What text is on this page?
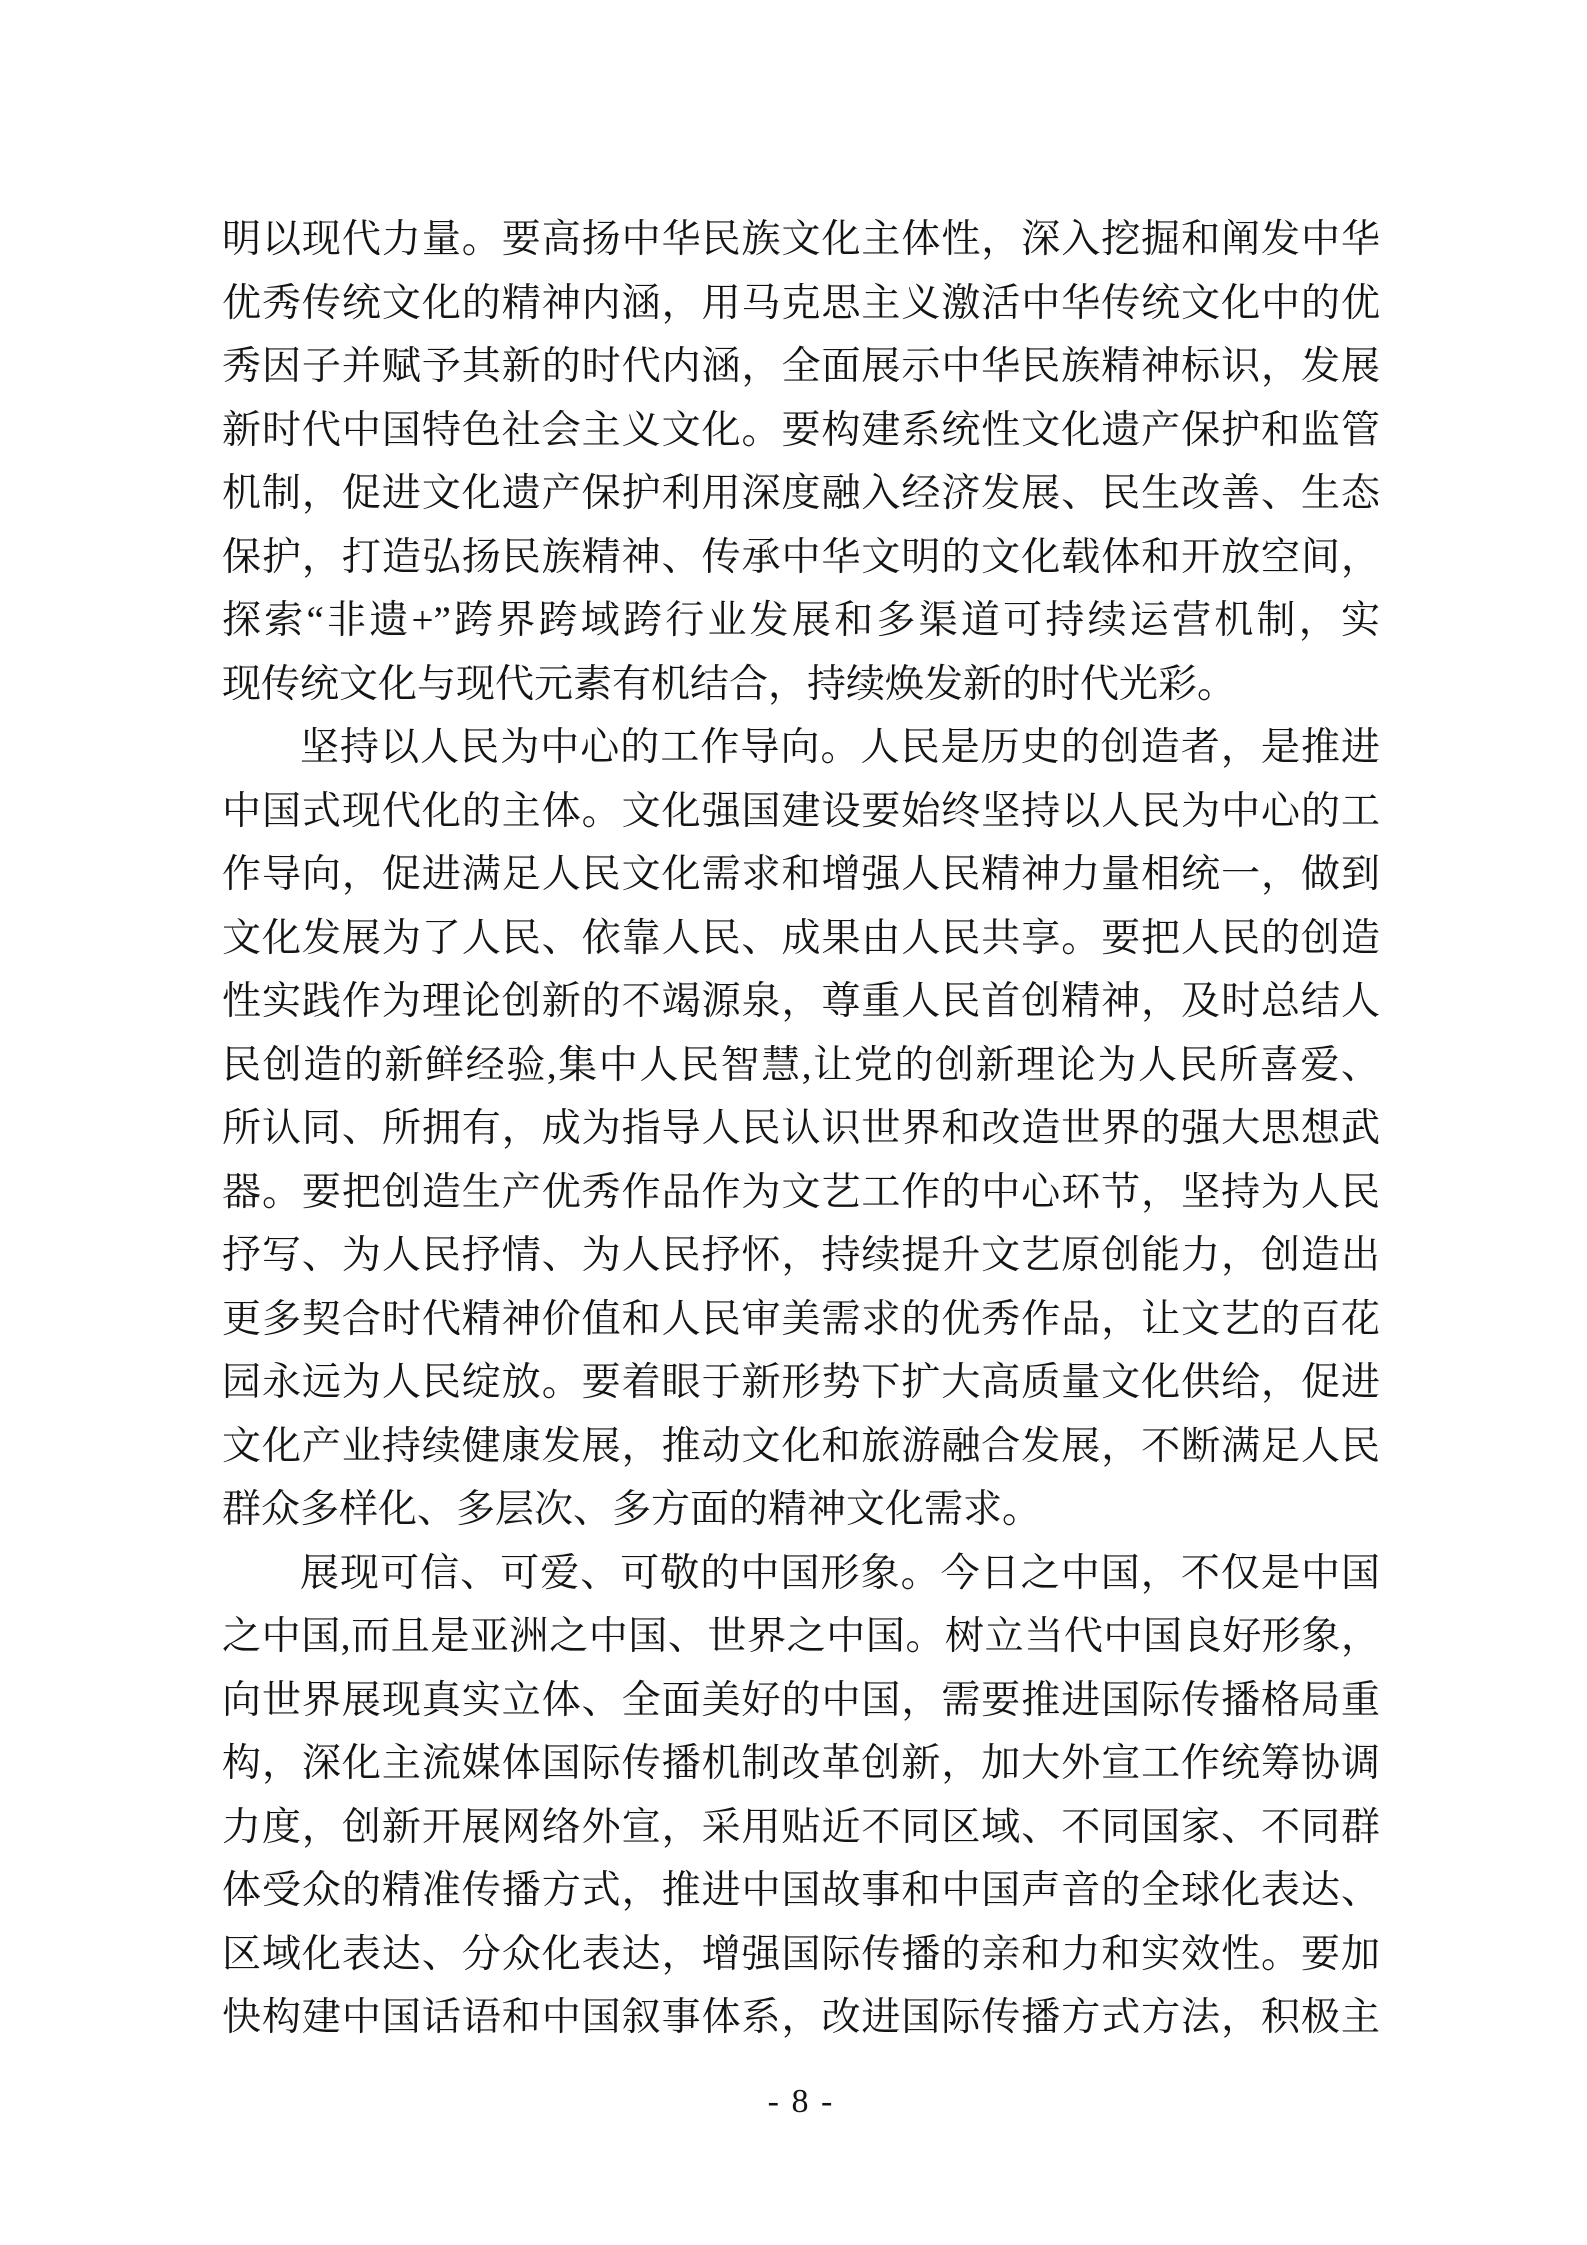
明以现代力量。要高扬中华民族文化主体性，深入挖掘和阐发中华
优秀传统文化的精神内涵，用马克思主义激活中华传统文化中的优
秀因子并赋予其新的时代内涵，全面展示中华民族精神标识，发展
新时代中国特色社会主义文化。要构建系统性文化遗产保护和监管
机制，促进文化遗产保护利用深度融入经济发展、民生改善、生态
保护，打造弘扬民族精神、传承中华文明的文化载体和开放空间，
探索“非遗+”跨界跨域跨行业发展和多渠道可持续运营机制，实
现传统文化与现代元素有机结合，持续焕发新的时代光彩。
坚持以人民为中心的工作导向。人民是历史的创造者，是推进
中国式现代化的主体。文化强国建设要始终坚持以人民为中心的工
作导向，促进满足人民文化需求和增强人民精神力量相统一，做到
文化发展为了人民、依靠人民、成果由人民共享。要把人民的创造
性实践作为理论创新的不竭源泉，尊重人民首创精神，及时总结人
民创造的新鲜经验,集中人民智慧,让党的创新理论为人民所喜爱、
所认同、所拥有，成为指导人民认识世界和改造世界的强大思想武
器。要把创造生产优秀作品作为文艺工作的中心环节，坚持为人民
抒写、为人民抒情、为人民抒怀，持续提升文艺原创能力，创造出
更多契合时代精神价值和人民审美需求的优秀作品，让文艺的百花
园永远为人民绽放。要着眼于新形势下扩大高质量文化供给，促进
文化产业持续健康发展，推动文化和旅游融合发展，不断满足人民
群众多样化、多层次、多方面的精神文化需求。
展现可信、可爱、可敬的中国形象。今日之中国，不仅是中国
之中国,而且是亚洲之中国、世界之中国。树立当代中国良好形象，
向世界展现真实立体、全面美好的中国，需要推进国际传播格局重
构，深化主流媒体国际传播机制改革创新，加大外宣工作统筹协调
力度，创新开展网络外宣，采用贴近不同区域、不同国家、不同群
体受众的精准传播方式，推进中国故事和中国声音的全球化表达、
区域化表达、分众化表达，增强国际传播的亲和力和实效性。要加
快构建中国话语和中国叙事体系，改进国际传播方式方法，积极主
- 8 -
